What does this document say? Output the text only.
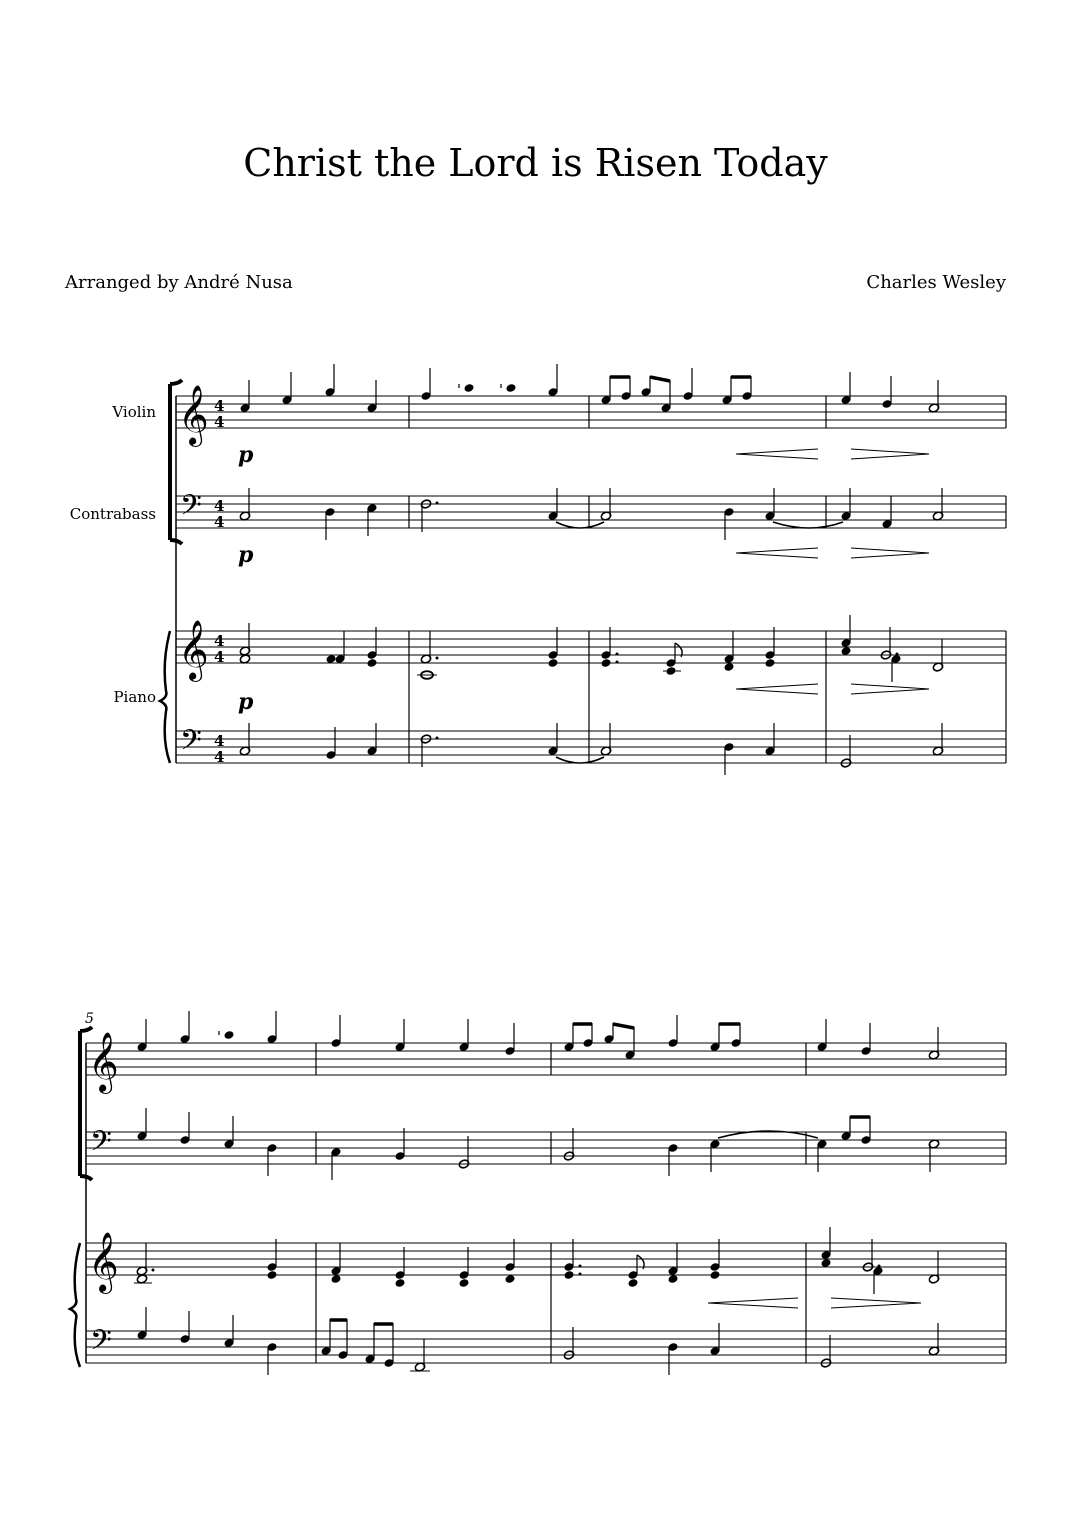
Christ the Lord is Risen Today
Arranged by André Nusa	Charles Wesley
Violin
Contrabass
Piano
𝄞
𝄢
𝄞
𝄢
4
4
4
4
4
4
4
4
p
p
p
5
𝄞
𝄢
𝄞
𝄢
